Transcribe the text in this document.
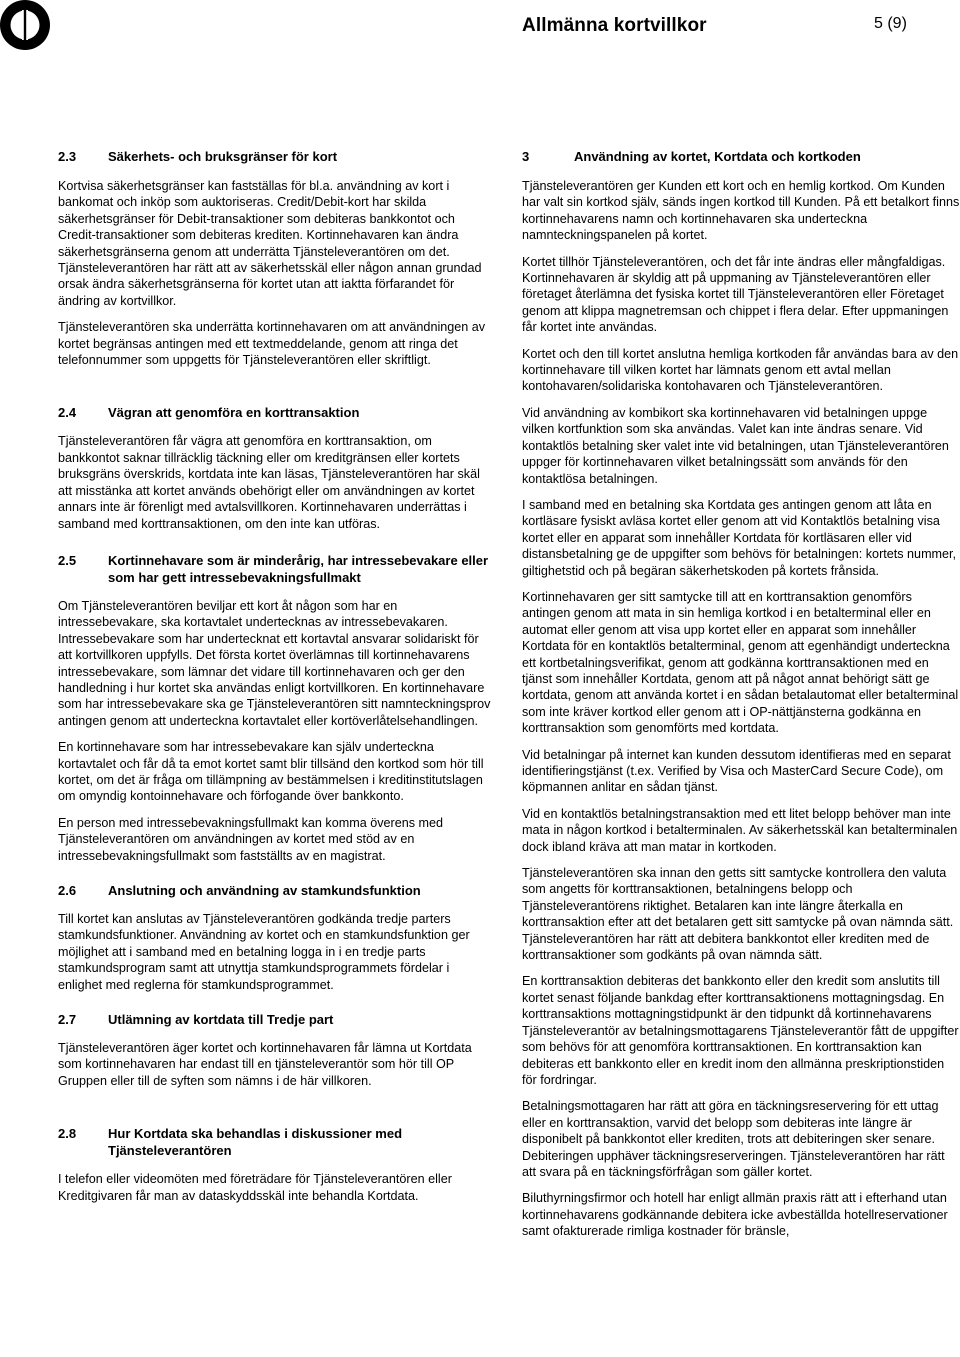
Allmänna kortvillkor	5 (9)
2.3	Säkerhets- och bruksgränser för kort

Kortvisa säkerhetsgränser kan fastställas för bl.a. användning av kort i bankomat och inköp som auktoriseras. Credit/Debit-kort har skilda säkerhetsgränser för Debit-transaktioner som debiteras bankkontot och Credit-transaktioner som debiteras krediten. Kortinnehavaren kan ändra säkerhetsgränserna genom att underrätta Tjänsteleverantören om det. Tjänsteleverantören har rätt att av säkerhetsskäl eller någon annan grundad orsak ändra säkerhetsgränserna för kortet utan att iaktta förfarandet för ändring av kortvillkor.

Tjänsteleverantören ska underrätta kortinnehavaren om att användningen av kortet begränsas antingen med ett textmeddelande, genom att ringa det telefonnummer som uppgetts för Tjänsteleverantören eller skriftligt.

2.4	Vägran att genomföra en korttransaktion

Tjänsteleverantören får vägra att genomföra en korttransaktion, om bankkontot saknar tillräcklig täckning eller om kreditgränsen eller kortets bruksgräns överskrids, kortdata inte kan läsas, Tjänsteleverantören har skäl att misstänka att kortet används obehörigt eller om användningen av kortet annars inte är förenligt med avtalsvillkoren. Kortinnehavaren underrättas i samband med korttransaktionen, om den inte kan utföras.

2.5	Kortinnehavare som är minderårig, har intressebevakare eller som har gett intressebevakningsfullmakt

Om Tjänsteleverantören beviljar ett kort åt någon som har en intressebevakare, ska kortavtalet undertecknas av intressebevakaren. Intressebevakare som har undertecknat ett kortavtal ansvarar solidariskt för att kortvillkoren uppfylls. Det första kortet överlämnas till kortinnehavarens intressebevakare, som lämnar det vidare till kortinnehavaren och ger den handledning i hur kortet ska användas enligt kortvillkoren. En kortinnehavare som har intressebevakare ska ge Tjänsteleverantören sitt namnteckningsprov antingen genom att underteckna kortavtalet eller kortöverlåtelsehandlingen.

En kortinnehavare som har intressebevakare kan själv underteckna kortavtalet och får då ta emot kortet samt blir tillsänd den kortkod som hör till kortet, om det är fråga om tillämpning av bestämmelsen i kreditinstitutslagen om omyndig kontoinnehavare och förfogande över bankkonto.

En person med intressebevakningsfullmakt kan komma överens med Tjänsteleverantören om användningen av kortet med stöd av en intressebevakningsfullmakt som fastställts av en magistrat.

2.6	Anslutning och användning av stamkundsfunktion

Till kortet kan anslutas av Tjänsteleverantören godkända tredje parters stamkundsfunktioner. Användning av kortet och en stamkundsfunktion ger möjlighet att i samband med en betalning logga in i en tredje parts stamkundsprogram samt att utnyttja stamkundsprogrammets fördelar i enlighet med reglerna för stamkundsprogrammet.

2.7	Utlämning av kortdata till Tredje part

Tjänsteleverantören äger kortet och kortinnehavaren får lämna ut Kortdata som kortinnehavaren har endast till en tjänsteleverantör som hör till OP Gruppen eller till de syften som nämns i de här villkoren.

2.8	Hur Kortdata ska behandlas i diskussioner med Tjänsteleverantören

I telefon eller videomöten med företrädare för Tjänsteleverantören eller Kreditgivaren får man av dataskyddsskäl inte behandla Kortdata.

3	Användning av kortet, Kortdata och kortkoden

Tjänsteleverantören ger Kunden ett kort och en hemlig kortkod. Om Kunden har valt sin kortkod själv, sänds ingen kortkod till Kunden. På ett betalkort finns kortinnehavarens namn och kortinnehavaren ska underteckna namnteckningspanelen på kortet.

Kortet tillhör Tjänsteleverantören, och det får inte ändras eller mångfaldigas. Kortinnehavaren är skyldig att på uppmaning av Tjänsteleverantören eller företaget återlämna det fysiska kortet till Tjänsteleverantören eller Företaget genom att klippa magnetremsan och chippet i flera delar. Efter uppmaningen får kortet inte användas.

Kortet och den till kortet anslutna hemliga kortkoden får användas bara av den kortinnehavare till vilken kortet har lämnats genom ett avtal mellan kontohavaren/solidariska kontohavaren och Tjänsteleverantören.

Vid användning av kombikort ska kortinnehavaren vid betalningen uppge vilken kortfunktion som ska användas. Valet kan inte ändras senare. Vid kontaktlös betalning sker valet inte vid betalningen, utan Tjänsteleverantören uppger för kortinnehavaren vilket betalningssätt som används för den kontaktlösa betalningen.

I samband med en betalning ska Kortdata ges antingen genom att låta en kortläsare fysiskt avläsa kortet eller genom att vid Kontaktlös betalning visa kortet eller en apparat som innehåller Kortdata för kortläsaren eller vid distansbetalning ge de uppgifter som behövs för betalningen: kortets nummer, giltighetstid och på begäran säkerhetskoden på kortets frånsida.

Kortinnehavaren ger sitt samtycke till att en korttransaktion genomförs antingen genom att mata in sin hemliga kortkod i en betalterminal eller en automat eller genom att visa upp kortet eller en apparat som innehåller Kortdata för en kontaktlös betalterminal, genom att egenhändigt underteckna ett kortbetalningsverifikat, genom att godkänna korttransaktionen med en tjänst som innehåller Kortdata, genom att på något annat behörigt sätt ge kortdata, genom att använda kortet i en sådan betalautomat eller betalterminal som inte kräver kortkod eller genom att i OP-nättjänsterna godkänna en korttransaktion som genomförts med kortdata.

Vid betalningar på internet kan kunden dessutom identifieras med en separat identifieringstjänst (t.ex. Verified by Visa och MasterCard Secure Code), om köpmannen anlitar en sådan tjänst.

Vid en kontaktlös betalningstransaktion med ett litet belopp behöver man inte mata in någon kortkod i betalterminalen. Av säkerhetsskäl kan betalterminalen dock ibland kräva att man matar in kortkoden.

Tjänsteleverantören ska innan den getts sitt samtycke kontrollera den valuta som angetts för korttransaktionen, betalningens belopp och Tjänsteleverantörens riktighet. Betalaren kan inte längre återkalla en korttransaktion efter att det betalaren gett sitt samtycke på ovan nämnda sätt. Tjänsteleverantören har rätt att debitera bankkontot eller krediten med de korttransaktioner som godkänts på ovan nämnda sätt.

En korttransaktion debiteras det bankkonto eller den kredit som anslutits till kortet senast följande bankdag efter korttransaktionens mottagningsdag. En korttransaktions mottagningstidpunkt är den tidpunkt då kortinnehavarens Tjänsteleverantör av betalningsmottagarens Tjänsteleverantör fått de uppgifter som behövs för att genomföra korttransaktionen. En korttransaktion kan debiteras ett bankkonto eller en kredit inom den allmänna preskriptionstiden för fordringar.

Betalningsmottagaren har rätt att göra en täckningsreservering för ett uttag eller en korttransaktion, varvid det belopp som debiteras inte längre är disponibelt på bankkontot eller krediten, trots att debiteringen sker senare. Debiteringen upphäver täckningsreserveringen. Tjänsteleverantören har rätt att svara på en täckningsförfrågan som gäller kortet.

Biluthyrningsfirmor och hotell har enligt allmän praxis rätt att i efterhand utan kortinnehavarens godkännande debitera icke avbeställda hotellreservationer samt ofakturerade rimliga kostnader för bränsle,
